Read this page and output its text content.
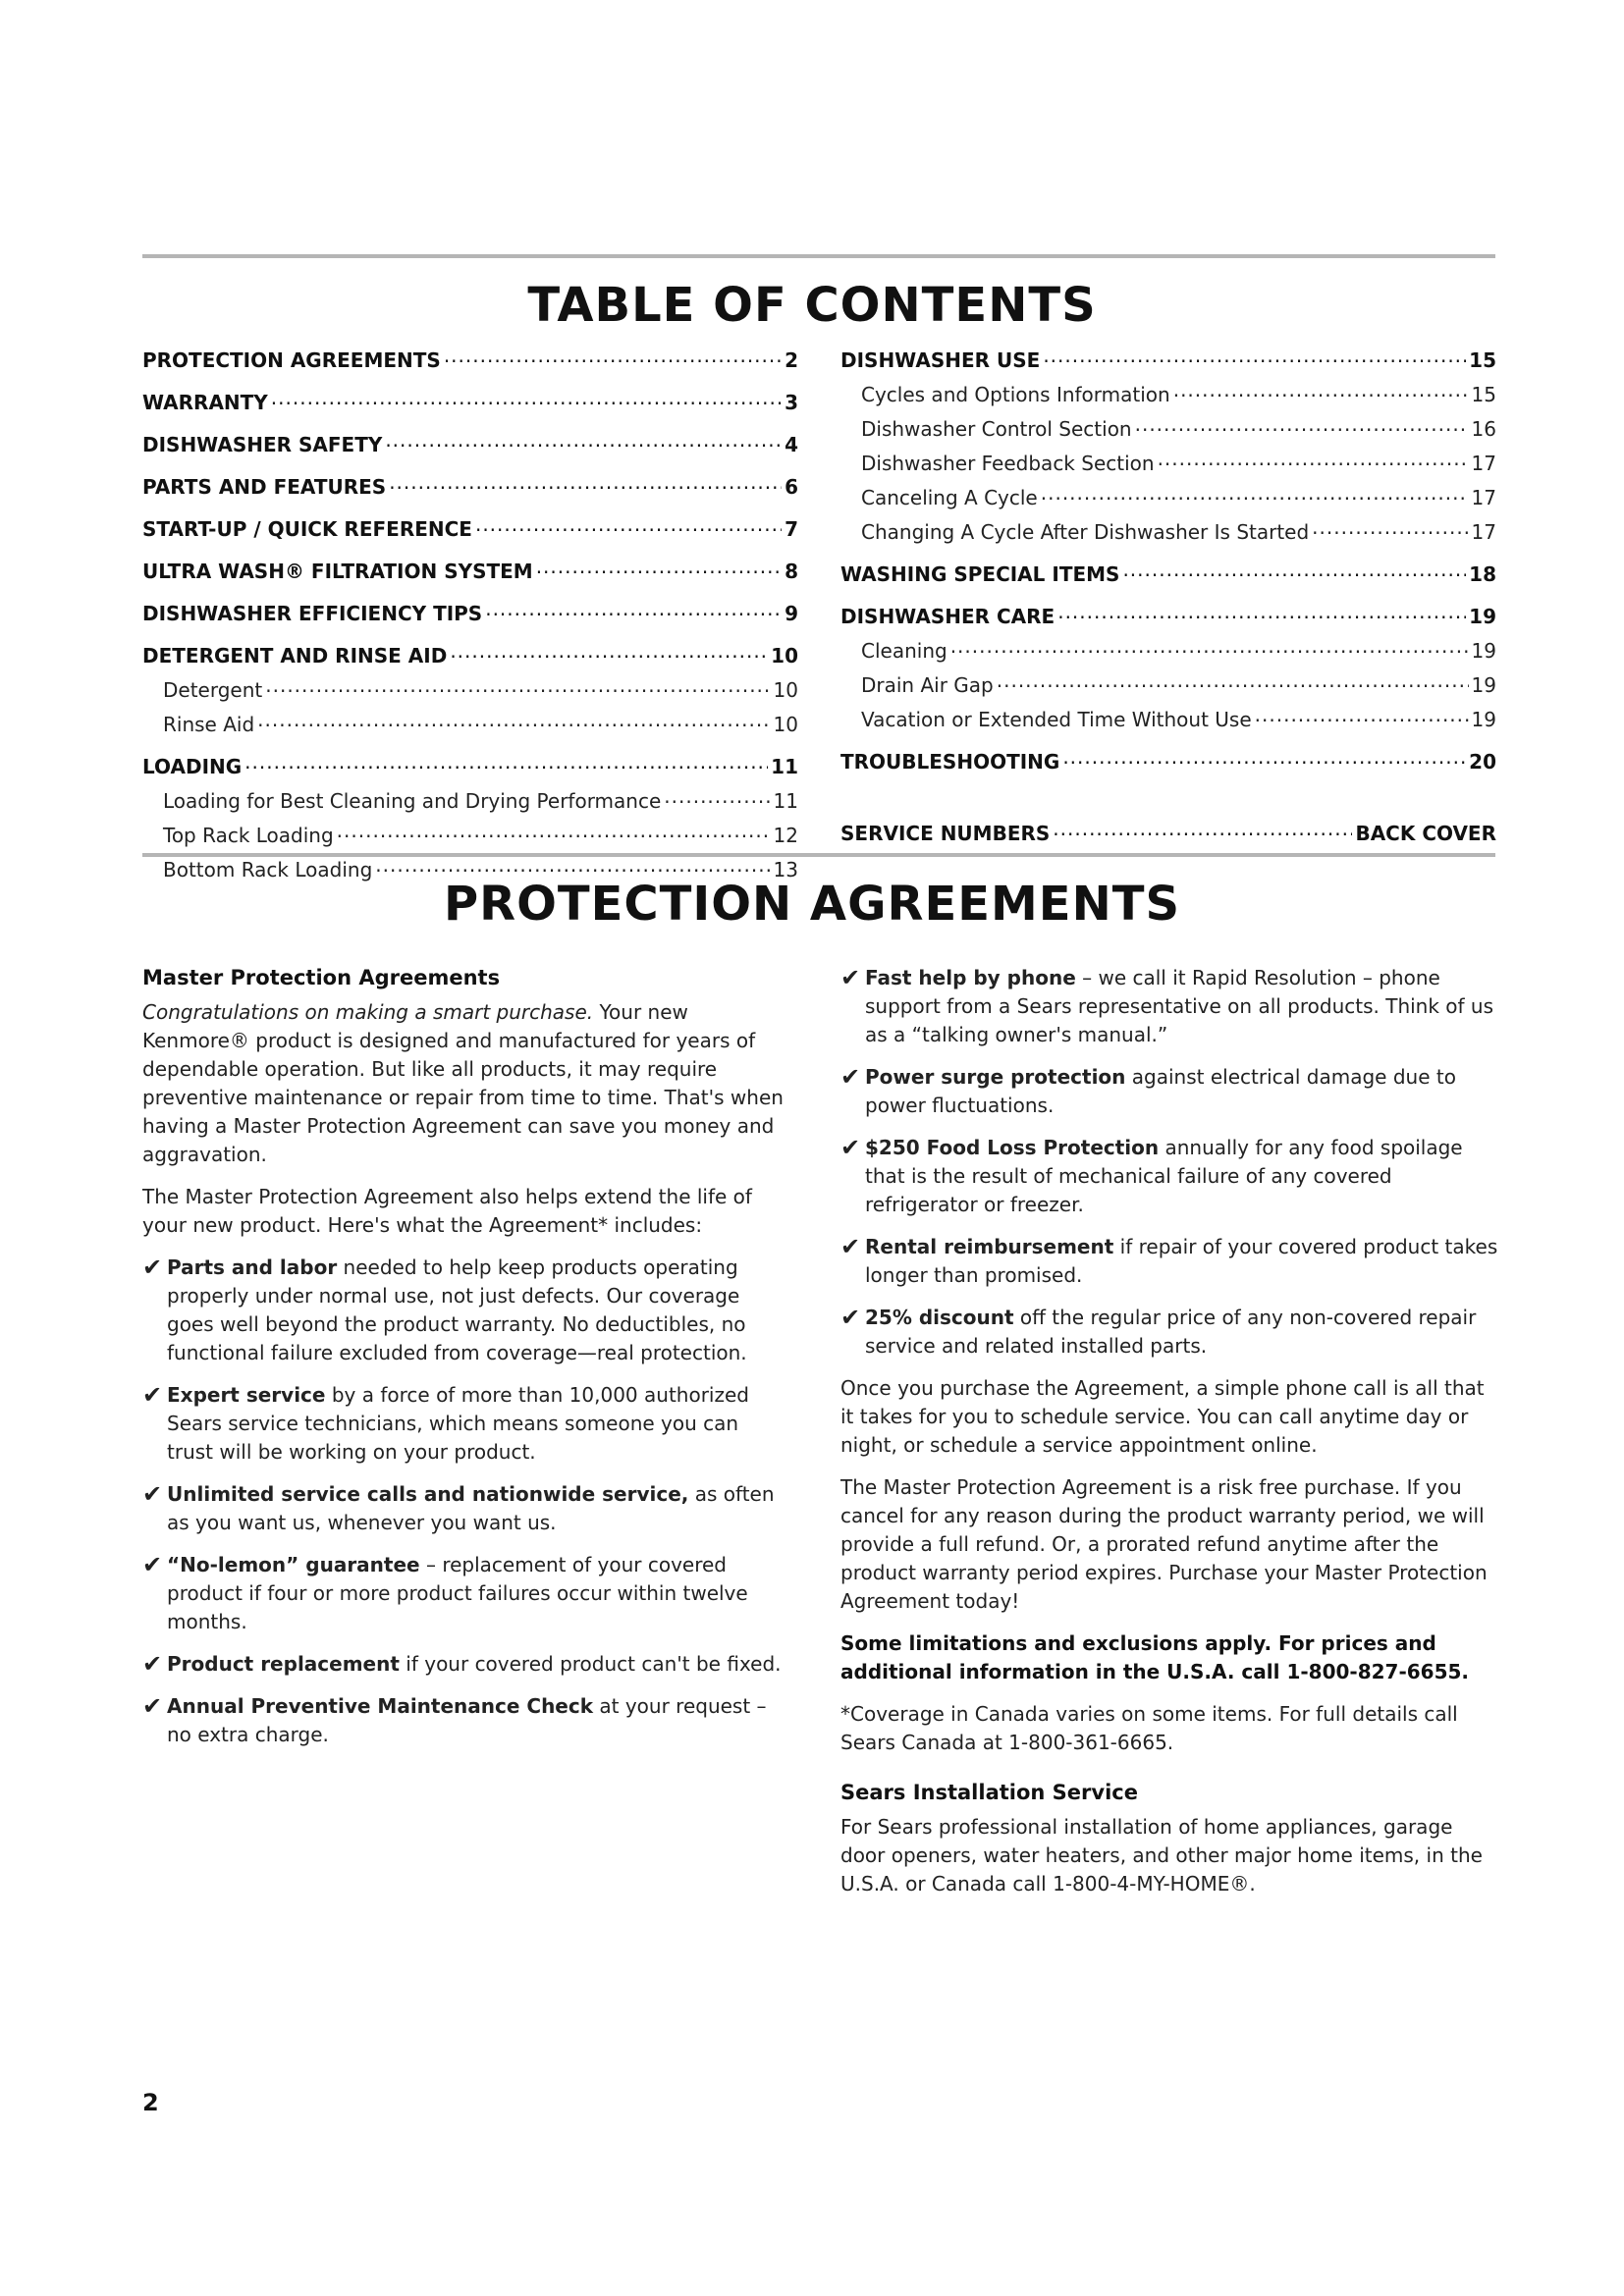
TABLE OF CONTENTS
PROTECTION AGREEMENTS .....	2
WARRANTY .....	3
DISHWASHER SAFETY .....	4
PARTS AND FEATURES .....	6
START-UP / QUICK REFERENCE .....	7
ULTRA WASH® FILTRATION SYSTEM .....	8
DISHWASHER EFFICIENCY TIPS .....	9
DETERGENT AND RINSE AID .....	10
Detergent .....	10
Rinse Aid .....	10
LOADING .....	11
Loading for Best Cleaning and Drying Performance .....	11
Top Rack Loading .....	12
Bottom Rack Loading .....	13
DISHWASHER USE .....	15
Cycles and Options Information .....	15
Dishwasher Control Section .....	16
Dishwasher Feedback Section .....	17
Canceling A Cycle .....	17
Changing A Cycle After Dishwasher Is Started .....	17
WASHING SPECIAL ITEMS .....	18
DISHWASHER CARE .....	19
Cleaning .....	19
Drain Air Gap .....	19
Vacation or Extended Time Without Use .....	19
TROUBLESHOOTING .....	20
SERVICE NUMBERS .....	BACK COVER
PROTECTION AGREEMENTS
Master Protection Agreements

Congratulations on making a smart purchase. Your new Kenmore® product is designed and manufactured for years of dependable operation. But like all products, it may require preventive maintenance or repair from time to time. That's when having a Master Protection Agreement can save you money and aggravation.

The Master Protection Agreement also helps extend the life of your new product. Here's what the Agreement* includes:

✔ Parts and labor needed to help keep products operating properly under normal use, not just defects. Our coverage goes well beyond the product warranty. No deductibles, no functional failure excluded from coverage—real protection.
✔ Expert service by a force of more than 10,000 authorized Sears service technicians, which means someone you can trust will be working on your product.
✔ Unlimited service calls and nationwide service, as often as you want us, whenever you want us.
✔ “No-lemon” guarantee – replacement of your covered product if four or more product failures occur within twelve months.
✔ Product replacement if your covered product can't be fixed.
✔ Annual Preventive Maintenance Check at your request – no extra charge.
✔ Fast help by phone – we call it Rapid Resolution – phone support from a Sears representative on all products. Think of us as a “talking owner's manual.”
✔ Power surge protection against electrical damage due to power fluctuations.
✔ $250 Food Loss Protection annually for any food spoilage that is the result of mechanical failure of any covered refrigerator or freezer.
✔ Rental reimbursement if repair of your covered product takes longer than promised.
✔ 25% discount off the regular price of any non-covered repair service and related installed parts.

Once you purchase the Agreement, a simple phone call is all that it takes for you to schedule service. You can call anytime day or night, or schedule a service appointment online.

The Master Protection Agreement is a risk free purchase. If you cancel for any reason during the product warranty period, we will provide a full refund. Or, a prorated refund anytime after the product warranty period expires. Purchase your Master Protection Agreement today!

Some limitations and exclusions apply. For prices and additional information in the U.S.A. call 1-800-827-6655.

*Coverage in Canada varies on some items. For full details call Sears Canada at 1-800-361-6665.

Sears Installation Service

For Sears professional installation of home appliances, garage door openers, water heaters, and other major home items, in the U.S.A. or Canada call 1-800-4-MY-HOME®.

2
